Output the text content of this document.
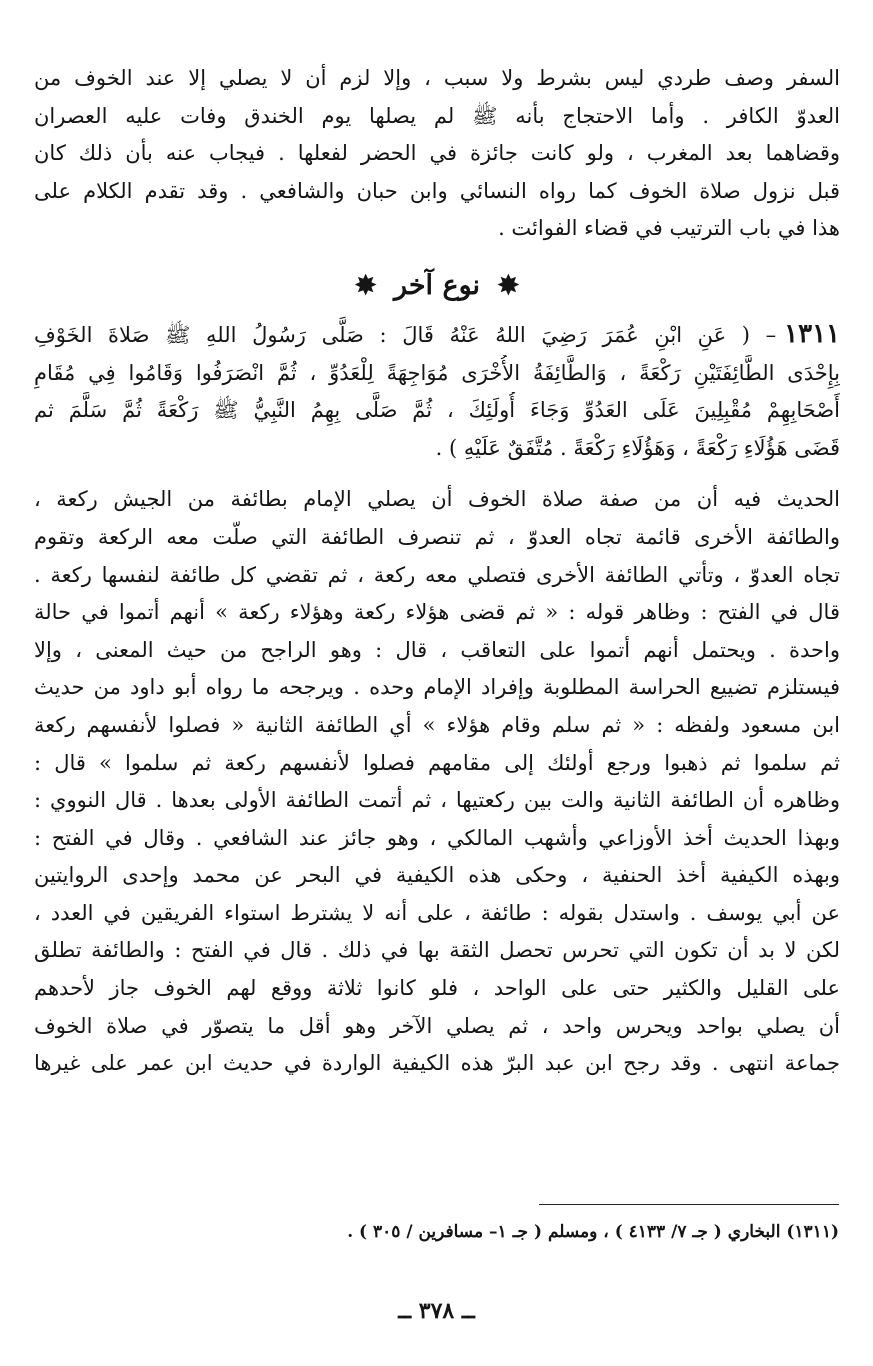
السفر وصف طردي ليس بشرط ولا سبب ، وإلا لزم أن لا يصلي إلا عند الخوف من
العدوّ الكافر . وأما الاحتجاج بأنه ﷺ لم يصلها يوم الخندق وفات عليه العصران
وقضاهما بعد المغرب ، ولو كانت جائزة في الحضر لفعلها . فيجاب عنه بأن ذلك كان
قبل نزول صلاة الخوف كما رواه النسائي وابن حبان والشافعي . وقد تقدم الكلام على
هذا في باب الترتيب في قضاء الفوائت .
✸ نوع آخر ✸
١٣١١– ( عَنِ ابْنِ عُمَرَ رَضِيَ اللهُ عَنْهُ قَالَ : صَلَّى رَسُولُ اللهِ ﷺ صَلاةَ الخَوْفِ
بِإِحْدَى الطَّائِفَتَيْنِ رَكْعَةً ، وَالطَّائِفَةُ الأُخْرَى مُوَاجِهَةً لِلْعَدُوِّ ، ثُمَّ انْصَرَفُوا وَقَامُوا فِي مُقَامِ
أَصْحَابِهِمْ مُقْبِلِينَ عَلَى العَدُوِّ وَجَاءَ أُولَئِكَ ، ثُمَّ صَلَّى بِهِمُ النَّبِيُّ ﷺ رَكْعَةً ثُمَّ سَلَّمَ ثم
قَضَى هَؤُلَاءِ رَكْعَةً ، وَهَؤُلَاءِ رَكْعَةً . مُتَّفَقٌ عَلَيْهِ ) .
الحديث فيه أن من صفة صلاة الخوف أن يصلي الإمام بطائفة من الجيش ركعة ،
والطائفة الأخرى قائمة تجاه العدوّ ، ثم تنصرف الطائفة التي صلّت معه الركعة وتقوم
تجاه العدوّ ، وتأتي الطائفة الأخرى فتصلي معه ركعة ، ثم تقضي كل طائفة لنفسها ركعة .
قال في الفتح : وظاهر قوله : « ثم قضى هؤلاء ركعة وهؤلاء ركعة » أنهم أتموا في حالة
واحدة . ويحتمل أنهم أتموا على التعاقب ، قال : وهو الراجح من حيث المعنى ، وإلا
فيستلزم تضييع الحراسة المطلوبة وإفراد الإمام وحده . ويرجحه ما رواه أبو داود من حديث
ابن مسعود ولفظه : « ثم سلم وقام هؤلاء » أي الطائفة الثانية « فصلوا لأنفسهم ركعة
ثم سلموا ثم ذهبوا ورجع أولئك إلى مقامهم فصلوا لأنفسهم ركعة ثم سلموا » قال :
وظاهره أن الطائفة الثانية والت بين ركعتيها ، ثم أتمت الطائفة الأولى بعدها . قال النووي :
وبهذا الحديث أخذ الأوزاعي وأشهب المالكي ، وهو جائز عند الشافعي . وقال في الفتح :
وبهذه الكيفية أخذ الحنفية ، وحكى هذه الكيفية في البحر عن محمد وإحدى الروايتين
عن أبي يوسف . واستدل بقوله : طائفة ، على أنه لا يشترط استواء الفريقين في العدد ،
لكن لا بد أن تكون التي تحرس تحصل الثقة بها في ذلك . قال في الفتح : والطائفة تطلق
على القليل والكثير حتى على الواحد ، فلو كانوا ثلاثة ووقع لهم الخوف جاز لأحدهم
أن يصلي بواحد ويحرس واحد ، ثم يصلي الآخر وهو أقل ما يتصوّر في صلاة الخوف
جماعة انتهى . وقد رجح ابن عبد البرّ هذه الكيفية الواردة في حديث ابن عمر على غيرها
(١٣١١) البخاري ( جـ ٧/ ٤١٣٣ ) ، ومسلم ( جـ ١– مسافرين / ٣٠٥ ) .
ــ ٣٧٨ ــ
